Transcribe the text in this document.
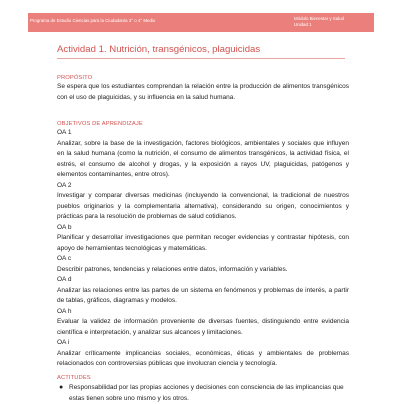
Programa de Estudio Ciencias para la Ciudadanía 3° o 4° Medio	Módulo Bienestar y Salud
Unidad 1
Actividad 1. Nutrición, transgénicos, plaguicidas
PROPÓSITO

Se espera que los estudiantes comprendan la relación entre la producción de alimentos transgénicos con el uso de plaguicidas, y su influencia en la salud humana.

OBJETIVOS DE APRENDIZAJE
OA 1

Analizar, sobre la base de la investigación, factores biológicos, ambientales y sociales que influyen en la salud humana (como la nutrición, el consumo de alimentos transgénicos, la actividad física, el estrés, el consumo de alcohol y drogas, y la exposición a rayos UV, plaguicidas, patógenos y elementos contaminantes, entre otros).

OA 2

Investigar y comparar diversas medicinas (incluyendo la convencional, la tradicional de nuestros pueblos originarios y la complementaria alternativa), considerando su origen, conocimientos y prácticas para la resolución de problemas de salud cotidianos.

OA b

Planificar y desarrollar investigaciones que permitan recoger evidencias y contrastar hipótesis, con apoyo de herramientas tecnológicas y matemáticas.

OA c

Describir patrones, tendencias y relaciones entre datos, información y variables.

OA d

Analizar las relaciones entre las partes de un sistema en fenómenos y problemas de interés, a partir de tablas, gráficos, diagramas y modelos.

OA h

Evaluar la validez de información proveniente de diversas fuentes, distinguiendo entre evidencia científica e interpretación, y analizar sus alcances y limitaciones.

OA i

Analizar críticamente implicancias sociales, económicas, éticas y ambientales de problemas relacionados con controversias públicas que involucran ciencia y tecnología.

ACTITUDES
● Responsabilidad por las propias acciones y decisiones con consciencia de las implicancias que estas tienen sobre uno mismo y los otros.
